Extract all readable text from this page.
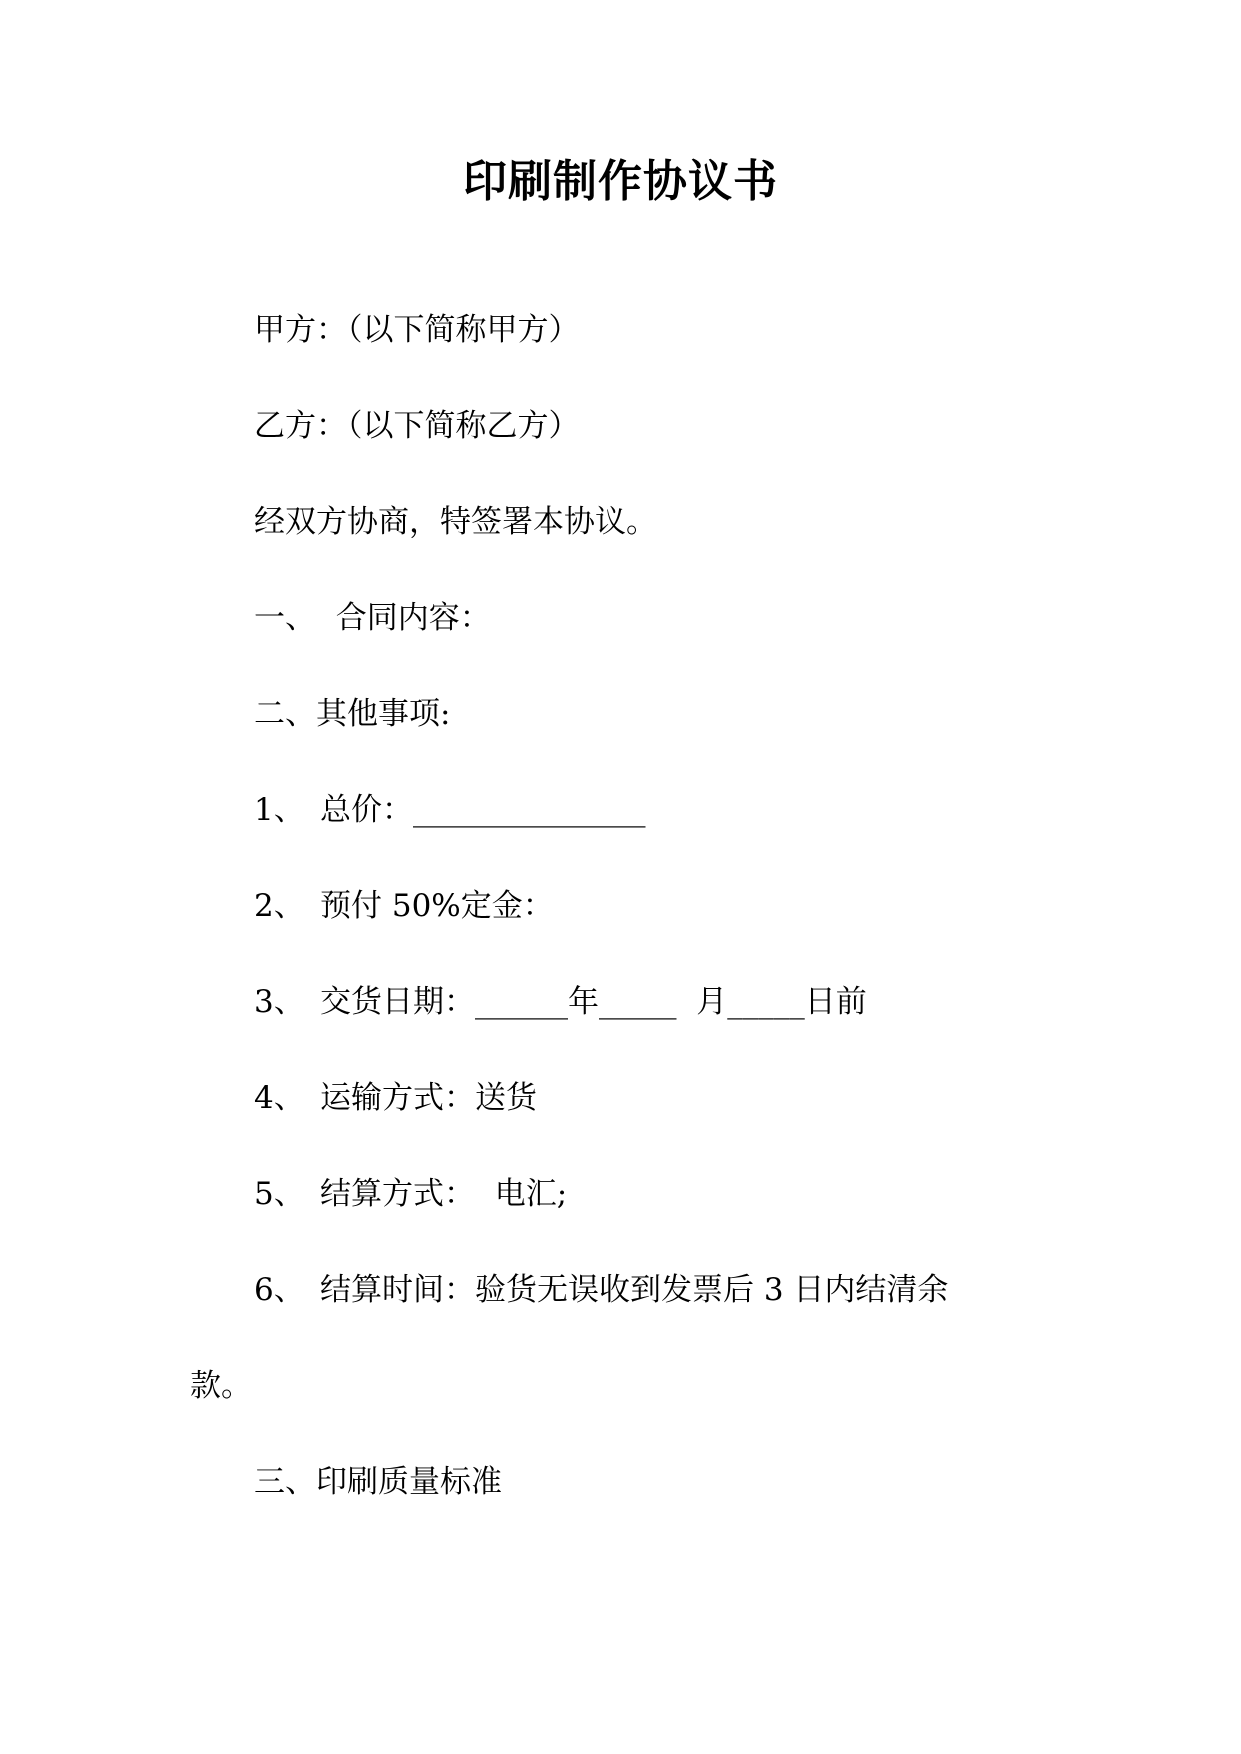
印刷制作协议书

甲方：（以下简称甲方）

乙方：（以下简称乙方）

经双方协商，特签署本协议。

一、  合同内容：

二、其他事项:

1、 总价：_______________

2、 预付 50%定金：

3、 交货日期：______年_____  月_____日前

4、 运输方式：送货

5、 结算方式：  电汇;

6、 结算时间：验货无误收到发票后 3 日内结清余

款。

三、印刷质量标准
